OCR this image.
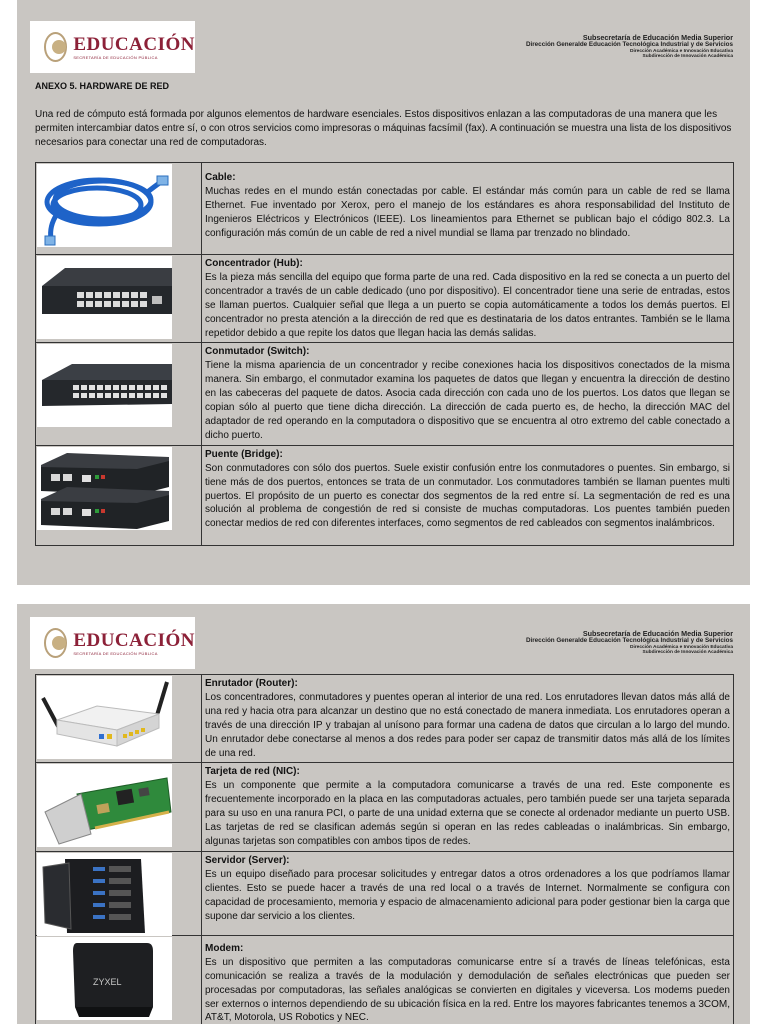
EDUCACIÓN
SECRETARÍA DE EDUCACIÓN PÚBLICA
Subsecretaría de Educación Media Superior
Dirección Generalde Educación Tecnológica Industrial y de Servicios
Dirección Académica e Innovación Educativa
Subdirección de Innovación Académica
ANEXO 5. HARDWARE DE RED

Una red de cómputo está formada por algunos elementos de hardware esenciales. Estos dispositivos enlazan a las computadoras de una manera que les permiten intercambiar datos entre sí, o con otros servicios como impresoras o máquinas facsímil (fax). A continuación se muestra una lista de los dispositivos necesarios para conectar una red de computadoras.

Cable:
Muchas redes en el mundo están conectadas por cable. El estándar más común para un cable de red se llama Ethernet. Fue inventado por Xerox, pero el manejo de los estándares es ahora responsabilidad del Instituto de Ingenieros Eléctricos y Electrónicos (IEEE). Los lineamientos para Ethernet se publican bajo el código 802.3. La configuración más común de un cable de red a nivel mundial se llama par trenzado no blindado.

Concentrador (Hub):
Es la pieza más sencilla del equipo que forma parte de una red. Cada dispositivo en la red se conecta a un puerto del concentrador a través de un cable dedicado (uno por dispositivo). El concentrador tiene una serie de entradas, estos se llaman puertos. Cualquier señal que llega a un puerto se copia automáticamente a todos los demás puertos. El concentrador no presta atención a la dirección de red que es destinataria de los datos entrantes. También se le llama repetidor debido a que repite los datos que llegan hacia las demás salidas.

Conmutador (Switch):
Tiene la misma apariencia de un concentrador y recibe conexiones hacia los dispositivos conectados de la misma manera. Sin embargo, el conmutador examina los paquetes de datos que llegan y encuentra la dirección de destino en las cabeceras del paquete de datos. Asocia cada dirección con cada uno de los puertos. Los datos que llegan se copian sólo al puerto que tiene dicha dirección. La dirección de cada puerto es, de hecho, la dirección MAC del adaptador de red operando en la computadora o dispositivo que se encuentra al otro extremo del cable conectado a dicho puerto.

Puente (Bridge):
Son conmutadores con sólo dos puertos. Suele existir confusión entre los conmutadores o puentes. Sin embargo, si tiene más de dos puertos, entonces se trata de un conmutador. Los conmutadores también se llaman puentes multi puertos. El propósito de un puerto es conectar dos segmentos de la red entre sí. La segmentación de red es una solución al problema de congestión de red si consiste de muchas computadoras. Los puentes también pueden conectar medios de red con diferentes interfaces, como segmentos de red cableados con segmentos inalámbricos.
EDUCACIÓN
SECRETARÍA DE EDUCACIÓN PÚBLICA
Subsecretaría de Educación Media Superior
Dirección Generalde Educación Tecnológica Industrial y de Servicios
Dirección Académica e Innovación Educativa
Subdirección de Innovación Académica

Enrutador (Router):
Los concentradores, conmutadores y puentes operan al interior de una red. Los enrutadores llevan datos más allá de una red y hacia otra para alcanzar un destino que no está conectado de manera inmediata. Los enrutadores operan a través de una dirección IP y trabajan al unísono para formar una cadena de datos que circulan a lo largo del mundo. Un enrutador debe conectarse al menos a dos redes para poder ser capaz de transmitir datos más allá de los límites de una red.

Tarjeta de red (NIC):
Es un componente que permite a la computadora comunicarse a través de una red. Este componente es frecuentemente incorporado en la placa en las computadoras actuales, pero también puede ser una tarjeta separada para su uso en una ranura PCI, o parte de una unidad externa que se conecte al ordenador mediante un puerto USB. Las tarjetas de red se clasifican además según si operan en las redes cableadas o inalámbricas. Sin embargo, algunas tarjetas son compatibles con ambos tipos de redes.

Servidor (Server):
Es un equipo diseñado para procesar solicitudes y entregar datos a otros ordenadores a los que podríamos llamar clientes. Esto se puede hacer a través de una red local o a través de Internet. Normalmente se configura con capacidad de procesamiento, memoria y espacio de almacenamiento adicional para poder gestionar bien la carga que supone dar servicio a los clientes.

ZYXEL	Modem:
Es un dispositivo que permiten a las computadoras comunicarse entre sí a través de líneas telefónicas, esta comunicación se realiza a través de la modulación y demodulación de señales electrónicas que pueden ser procesadas por computadoras, las señales analógicas se convierten en digitales y viceversa. Los modems pueden ser externos o internos dependiendo de su ubicación física en la red. Entre los mayores fabricantes tenemos a 3COM, AT&T, Motorola, US Robotics y NEC.
